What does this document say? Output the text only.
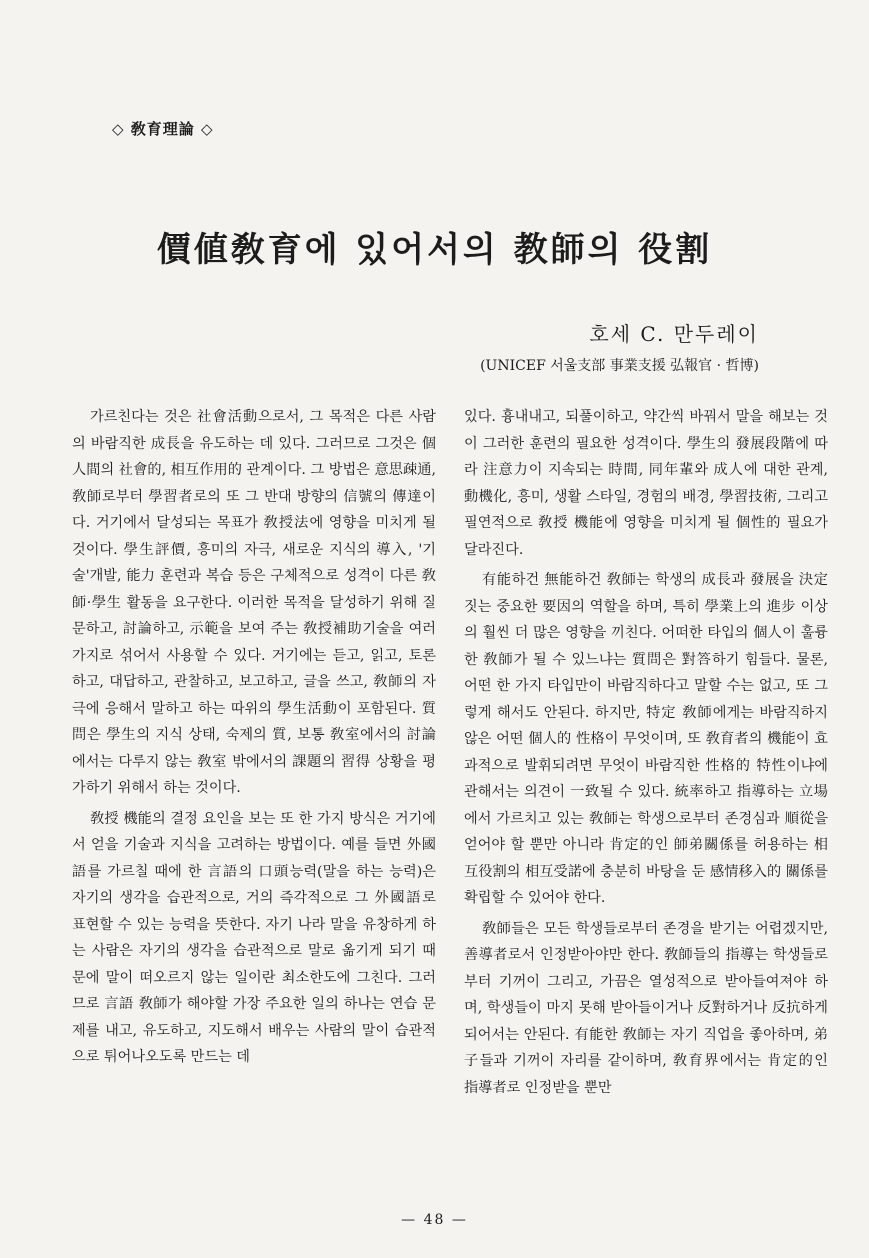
◇ 敎育理論 ◇
價値敎育에 있어서의 教師의 役割
호세 C. 만두레이
(UNICEF 서울支部 事業支援 弘報官 · 哲博)

가르친다는 것은 社會活動으로서, 그 목적은 다른 사람의 바람직한 成長을 유도하는 데 있다. 그러므로 그것은 個人間의 社會的, 相互作用的 관계이다. 그 방법은 意思疎通, 敎師로부터 學習者로의 또 그 반대 방향의 信號의 傳達이다. 거기에서 달성되는 목표가 敎授法에 영향을 미치게 될 것이다. 學生評價, 흥미의 자극, 새로운 지식의 導入, '기술'개발, 能力 훈련과 복습 등은 구체적으로 성격이 다른 敎師·學生 활동을 요구한다. 이러한 목적을 달성하기 위해 질문하고, 討論하고, 示範을 보여 주는 敎授補助기술을 여러가지로 섞어서 사용할 수 있다. 거기에는 듣고, 읽고, 토론하고, 대답하고, 관찰하고, 보고하고, 글을 쓰고, 敎師의 자극에 응해서 말하고 하는 따위의 學生活動이 포함된다. 質問은 學生의 지식 상태, 숙제의 質, 보통 敎室에서의 討論에서는 다루지 않는 敎室 밖에서의 課題의 習得 상황을 평가하기 위해서 하는 것이다.

敎授 機能의 결정 요인을 보는 또 한 가지 방식은 거기에서 얻을 기술과 지식을 고려하는 방법이다. 예를 들면 外國語를 가르칠 때에 한 言語의 口頭능력(말을 하는 능력)은 자기의 생각을 습관적으로, 거의 즉각적으로 그 外國語로 표현할 수 있는 능력을 뜻한다. 자기 나라 말을 유창하게 하는 사람은 자기의 생각을 습관적으로 말로 옮기게 되기 때문에 말이 떠오르지 않는 일이란 최소한도에 그친다. 그러므로 言語 敎師가 해야할 가장 주요한 일의 하나는 연습 문제를 내고, 유도하고, 지도해서 배우는 사람의 말이 습관적으로 튀어나오도록 만드는 데

있다. 흉내내고, 되풀이하고, 약간씩 바꿔서 말을 해보는 것이 그러한 훈련의 필요한 성격이다. 學生의 發展段階에 따라 注意力이 지속되는 時間, 同年輩와 成人에 대한 관계, 動機化, 흥미, 생활 스타일, 경험의 배경, 學習技術, 그리고 필연적으로 敎授 機能에 영향을 미치게 될 個性的 필요가 달라진다.

有能하건 無能하건 敎師는 학생의 成長과 發展을 決定짓는 중요한 要因의 역할을 하며, 특히 學業上의 進步 이상의 훨씬 더 많은 영향을 끼친다. 어떠한 타입의 個人이 훌륭한 敎師가 될 수 있느냐는 質問은 對答하기 힘들다. 물론, 어떤 한 가지 타입만이 바람직하다고 말할 수는 없고, 또 그렇게 해서도 안된다. 하지만, 特定 敎師에게는 바람직하지 않은 어떤 個人的 性格이 무엇이며, 또 敎育者의 機能이 효과적으로 발휘되려면 무엇이 바람직한 性格的 特性이냐에 관해서는 의견이 一致될 수 있다. 統率하고 指導하는 立場에서 가르치고 있는 敎師는 학생으로부터 존경심과 順從을 얻어야 할 뿐만 아니라 肯定的인 師弟關係를 허용하는 相互役割의 相互受諾에 충분히 바탕을 둔 感情移入的 關係를 확립할 수 있어야 한다.

敎師들은 모든 학생들로부터 존경을 받기는 어렵겠지만, 善導者로서 인정받아야만 한다. 敎師들의 指導는 학생들로부터 기꺼이 그리고, 가끔은 열성적으로 받아들여져야 하며, 학생들이 마지 못해 받아들이거나 反對하거나 反抗하게 되어서는 안된다. 有能한 敎師는 자기 직업을 좋아하며, 弟子들과 기꺼이 자리를 같이하며, 敎育界에서는 肯定的인 指導者로 인정받을 뿐만

— 48 —
